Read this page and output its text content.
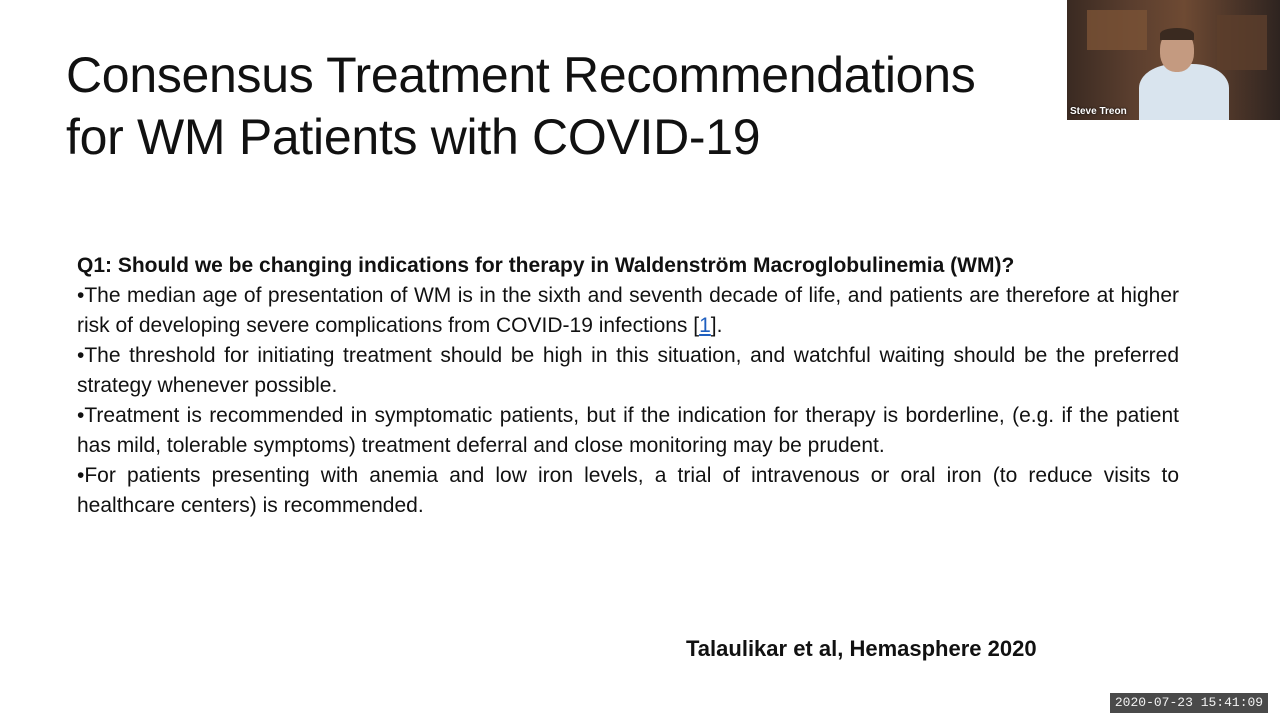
Consensus Treatment Recommendations
for WM Patients with COVID-19

Q1: Should we be changing indications for therapy in Waldenström Macroglobulinemia (WM)?

•The median age of presentation of WM is in the sixth and seventh decade of life, and patients are therefore at higher risk of developing severe complications from COVID-19 infections [1].

•The threshold for initiating treatment should be high in this situation, and watchful waiting should be the preferred strategy whenever possible.

•Treatment is recommended in symptomatic patients, but if the indication for therapy is borderline, (e.g. if the patient has mild, tolerable symptoms) treatment deferral and close monitoring may be prudent.

•For patients presenting with anemia and low iron levels, a trial of intravenous or oral iron (to reduce visits to healthcare centers) is recommended.

Talaulikar et al, Hemasphere 2020
Steve Treon
2020-07-23 15:41:09
